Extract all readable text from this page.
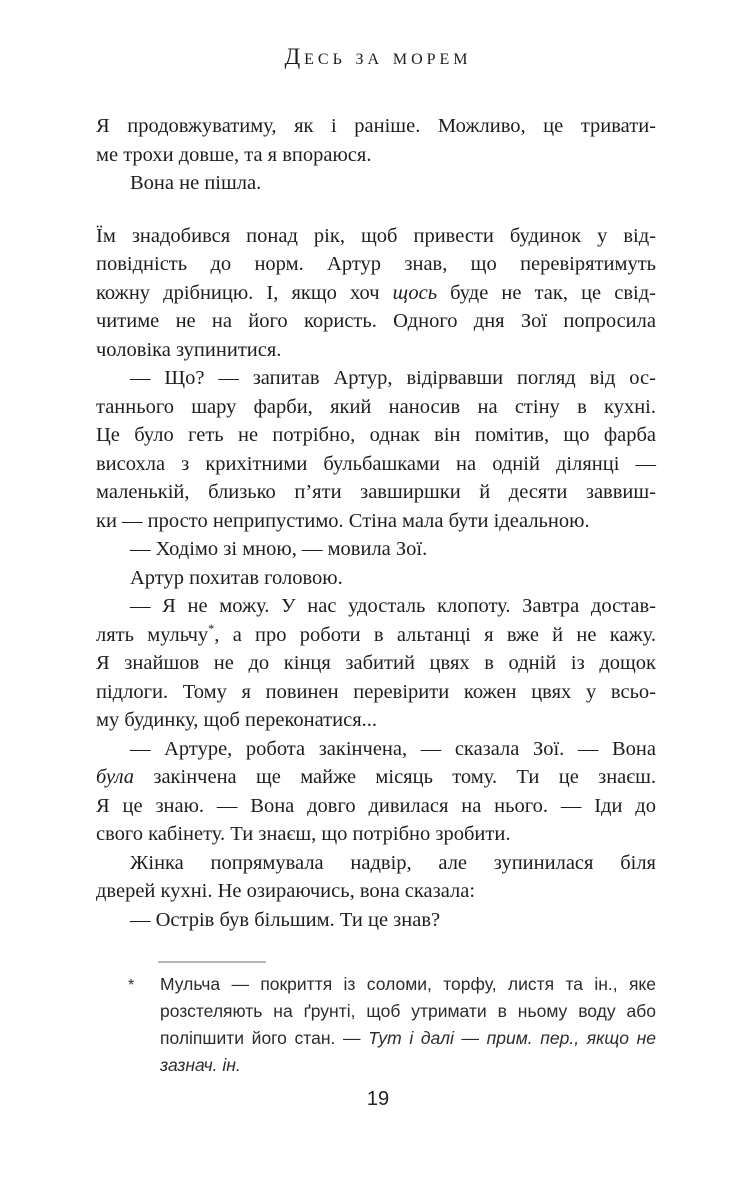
Десь за морем
Я продовжуватиму, як і раніше. Можливо, це тривати-
ме трохи довше, та я впораюся.
Вона не пішла.
Їм знадобився понад рік, щоб привести будинок у від-
повідність до норм. Артур знав, що перевірятимуть
кожну дрібницю. І, якщо хоч щось буде не так, це свід-
читиме не на його користь. Одного дня Зої попросила
чоловіка зупинитися.
— Що? — запитав Артур, відірвавши погляд від ос-
таннього шару фарби, який наносив на стіну в кухні.
Це було геть не потрібно, однак він помітив, що фарба
висохла з крихітними бульбашками на одній ділянці —
маленькій, близько п’яти завширшки й десяти заввиш-
ки — просто неприпустимо. Стіна мала бути ідеальною.
— Ходімо зі мною, — мовила Зої.
Артур похитав головою.
— Я не можу. У нас удосталь клопоту. Завтра достав-
лять мульчу*, а про роботи в альтанці я вже й не кажу.
Я знайшов не до кінця забитий цвях в одній із дощок
підлоги. Тому я повинен перевірити кожен цвях у всьо-
му будинку, щоб переконатися...
— Артуре, робота закінчена, — сказала Зої. — Вона
була закінчена ще майже місяць тому. Ти це знаєш.
Я це знаю. — Вона довго дивилася на нього. — Іди до
свого кабінету. Ти знаєш, що потрібно зробити.
Жінка попрямувала надвір, але зупинилася біля
дверей кухні. Не озираючись, вона сказала:
— Острів був більшим. Ти це знав?
* Мульча — покриття із соломи, торфу, листя та ін., яке
розстеляють на ґрунті, щоб утримати в ньому воду або
поліпшити його стан. — Тут і далі — прим. пер., якщо не
зазнач. ін.
19
